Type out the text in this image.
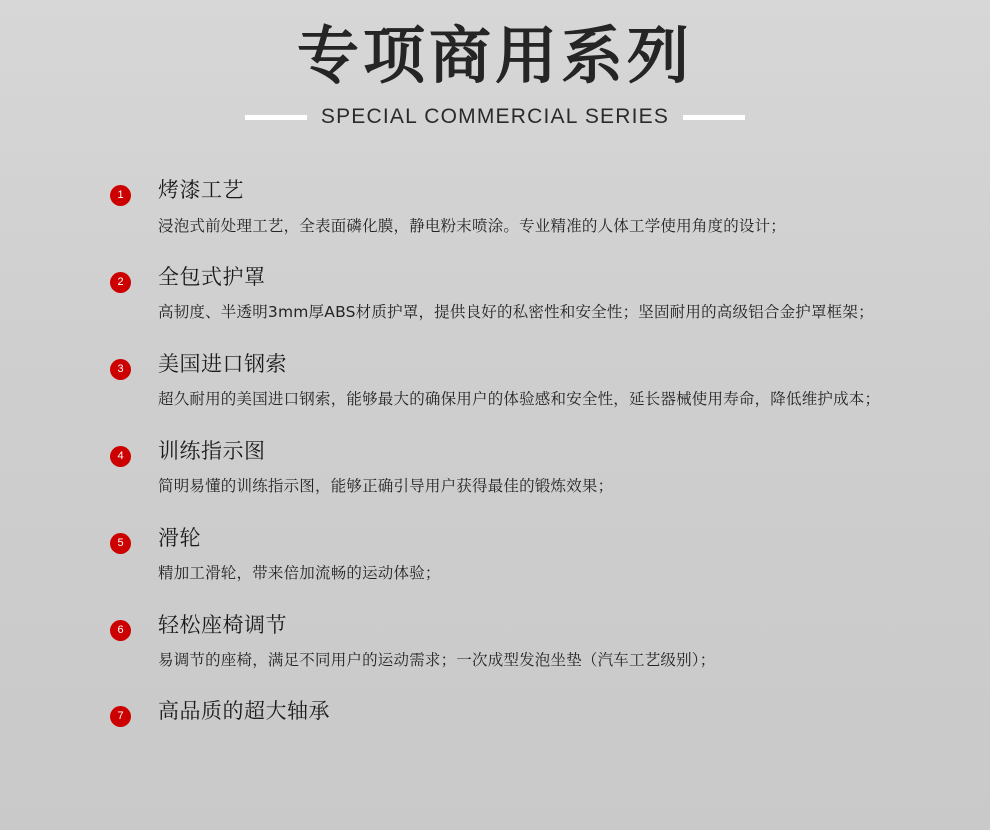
专项商用系列
SPECIAL COMMERCIAL SERIES
1	烤漆工艺
浸泡式前处理工艺，全表面磷化膜，静电粉末喷涂。专业精准的人体工学使用角度的设计；
2	全包式护罩
高韧度、半透明3mm厚ABS材质护罩，提供良好的私密性和安全性；坚固耐用的高级铝合金护罩框架；
3	美国进口钢索
超久耐用的美国进口钢索，能够最大的确保用户的体验感和安全性，延长器械使用寿命，降低维护成本；
4	训练指示图
简明易懂的训练指示图，能够正确引导用户获得最佳的锻炼效果；
5	滑轮
精加工滑轮，带来倍加流畅的运动体验；
6	轻松座椅调节
易调节的座椅，满足不同用户的运动需求；一次成型发泡坐垫（汽车工艺级别）；
7	高品质的超大轴承
